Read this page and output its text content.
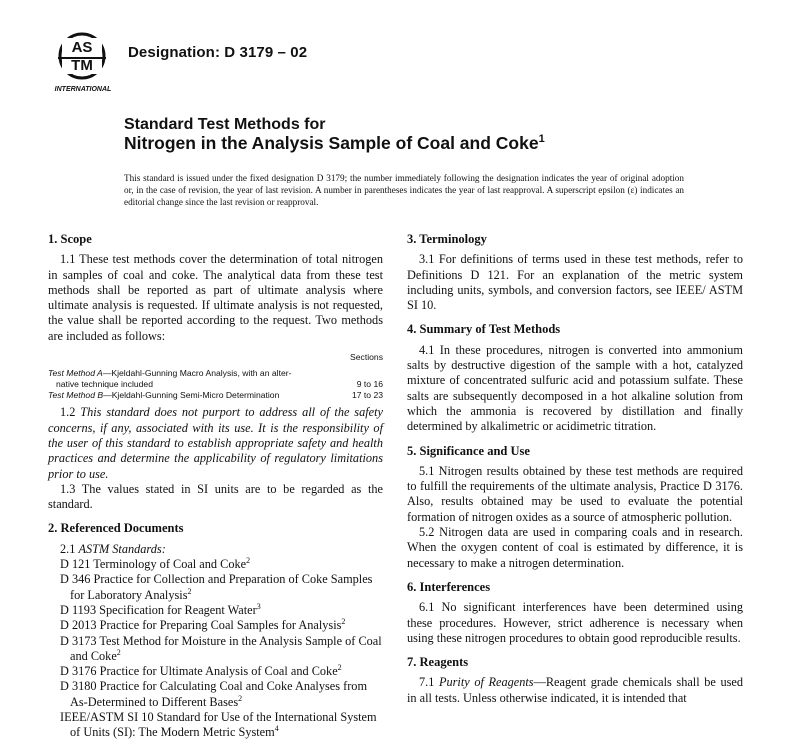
AS
TM
INTERNATIONAL
Designation: D 3179 – 02
Standard Test Methods for
Nitrogen in the Analysis Sample of Coal and Coke$^1$
This standard is issued under the fixed designation D 3179; the number immediately following the designation indicates the year of original adoption or, in the case of revision, the year of last revision. A number in parentheses indicates the year of last reapproval. A superscript epsilon (ε) indicates an editorial change since the last revision or reapproval.
1. Scope

1.1 These test methods cover the determination of total nitrogen in samples of coal and coke. The analytical data from these test methods shall be reported as part of ultimate analysis where ultimate analysis is requested. If ultimate analysis is not requested, the value shall be reported according to the request. Two methods are included as follows:

Sections
Test Method A—Kjeldahl-Gunning Macro Analysis, with an alter-
native technique included	9 to 16
Test Method B—Kjeldahl-Gunning Semi-Micro Determination	17 to 23

1.2 This standard does not purport to address all of the safety concerns, if any, associated with its use. It is the responsibility of the user of this standard to establish appropriate safety and health practices and determine the applicability of regulatory limitations prior to use.

1.3 The values stated in SI units are to be regarded as the standard.

2. Referenced Documents

2.1 ASTM Standards:

D 121 Terminology of Coal and Coke$^2$

D 346 Practice for Collection and Preparation of Coke Samples for Laboratory Analysis$^2$

D 1193 Specification for Reagent Water$^3$

D 2013 Practice for Preparing Coal Samples for Analysis$^2$

D 3173 Test Method for Moisture in the Analysis Sample of Coal and Coke$^2$

D 3176 Practice for Ultimate Analysis of Coal and Coke$^2$

D 3180 Practice for Calculating Coal and Coke Analyses from As-Determined to Different Bases$^2$

IEEE/ASTM SI 10 Standard for Use of the International System of Units (SI): The Modern Metric System$^4$

3. Terminology

3.1 For definitions of terms used in these test methods, refer to Definitions D 121. For an explanation of the metric system including units, symbols, and conversion factors, see IEEE/ ASTM SI 10.

4. Summary of Test Methods

4.1 In these procedures, nitrogen is converted into ammonium salts by destructive digestion of the sample with a hot, catalyzed mixture of concentrated sulfuric acid and potassium sulfate. These salts are subsequently decomposed in a hot alkaline solution from which the ammonia is recovered by distillation and finally determined by alkalimetric or acidimetric titration.

5. Significance and Use

5.1 Nitrogen results obtained by these test methods are required to fulfill the requirements of the ultimate analysis, Practice D 3176. Also, results obtained may be used to evaluate the potential formation of nitrogen oxides as a source of atmospheric pollution.

5.2 Nitrogen data are used in comparing coals and in research. When the oxygen content of coal is estimated by difference, it is necessary to make a nitrogen determination.

6. Interferences

6.1 No significant interferences have been determined using these procedures. However, strict adherence is necessary when using these nitrogen procedures to obtain good reproducible results.

7. Reagents

7.1 Purity of Reagents—Reagent grade chemicals shall be used in all tests. Unless otherwise indicated, it is intended that
